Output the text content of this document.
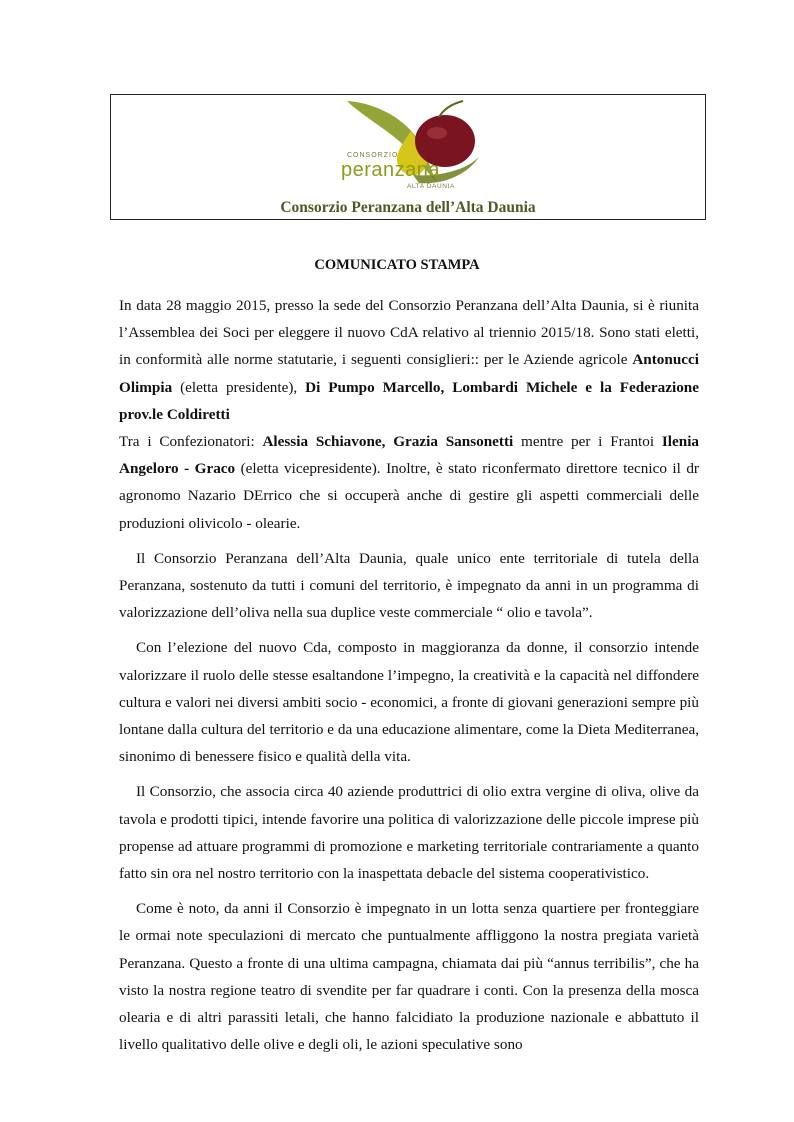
CONSORZIO
peranzana
ALTA DAUNIA
Consorzio Peranzana dell’Alta Daunia
COMUNICATO STAMPA

In data 28 maggio 2015, presso la sede del Consorzio Peranzana dell’Alta Daunia, si è riunita l’Assemblea dei Soci per eleggere il nuovo CdA relativo al triennio 2015/18. Sono stati eletti, in conformità alle norme statutarie, i seguenti consiglieri:: per le Aziende agricole Antonucci Olimpia (eletta presidente), Di Pumpo Marcello, Lombardi Michele e la Federazione prov.le Coldiretti

Tra i Confezionatori: Alessia Schiavone, Grazia Sansonetti mentre per i Frantoi Ilenia Angeloro - Graco (eletta vicepresidente). Inoltre, è stato riconfermato direttore tecnico il dr agronomo Nazario DErrico che si occuperà anche di gestire gli aspetti commerciali delle produzioni olivicolo - olearie.

Il Consorzio Peranzana dell’Alta Daunia, quale unico ente territoriale di tutela della Peranzana, sostenuto da tutti i comuni del territorio, è impegnato da anni in un programma di valorizzazione dell’oliva nella sua duplice veste commerciale “ olio e tavola”.

Con l’elezione del nuovo Cda, composto in maggioranza da donne, il consorzio intende valorizzare il ruolo delle stesse esaltandone l’impegno, la creatività e la capacità nel diffondere cultura e valori nei diversi ambiti socio - economici, a fronte di giovani generazioni sempre più lontane dalla cultura del territorio e da una educazione alimentare, come la Dieta Mediterranea, sinonimo di benessere fisico e qualità della vita.

Il Consorzio, che associa circa 40 aziende produttrici di olio extra vergine di oliva, olive da tavola e prodotti tipici, intende favorire una politica di valorizzazione delle piccole imprese più propense ad attuare programmi di promozione e marketing territoriale contrariamente a quanto fatto sin ora nel nostro territorio con la inaspettata debacle del sistema cooperativistico.

Come è noto, da anni il Consorzio è impegnato in un lotta senza quartiere per fronteggiare le ormai note speculazioni di mercato che puntualmente affliggono la nostra pregiata varietà Peranzana. Questo a fronte di una ultima campagna, chiamata dai più “annus terribilis”, che ha visto la nostra regione teatro di svendite per far quadrare i conti. Con la presenza della mosca olearia e di altri parassiti letali, che hanno falcidiato la produzione nazionale e abbattuto il livello qualitativo delle olive e degli oli, le azioni speculative sono
